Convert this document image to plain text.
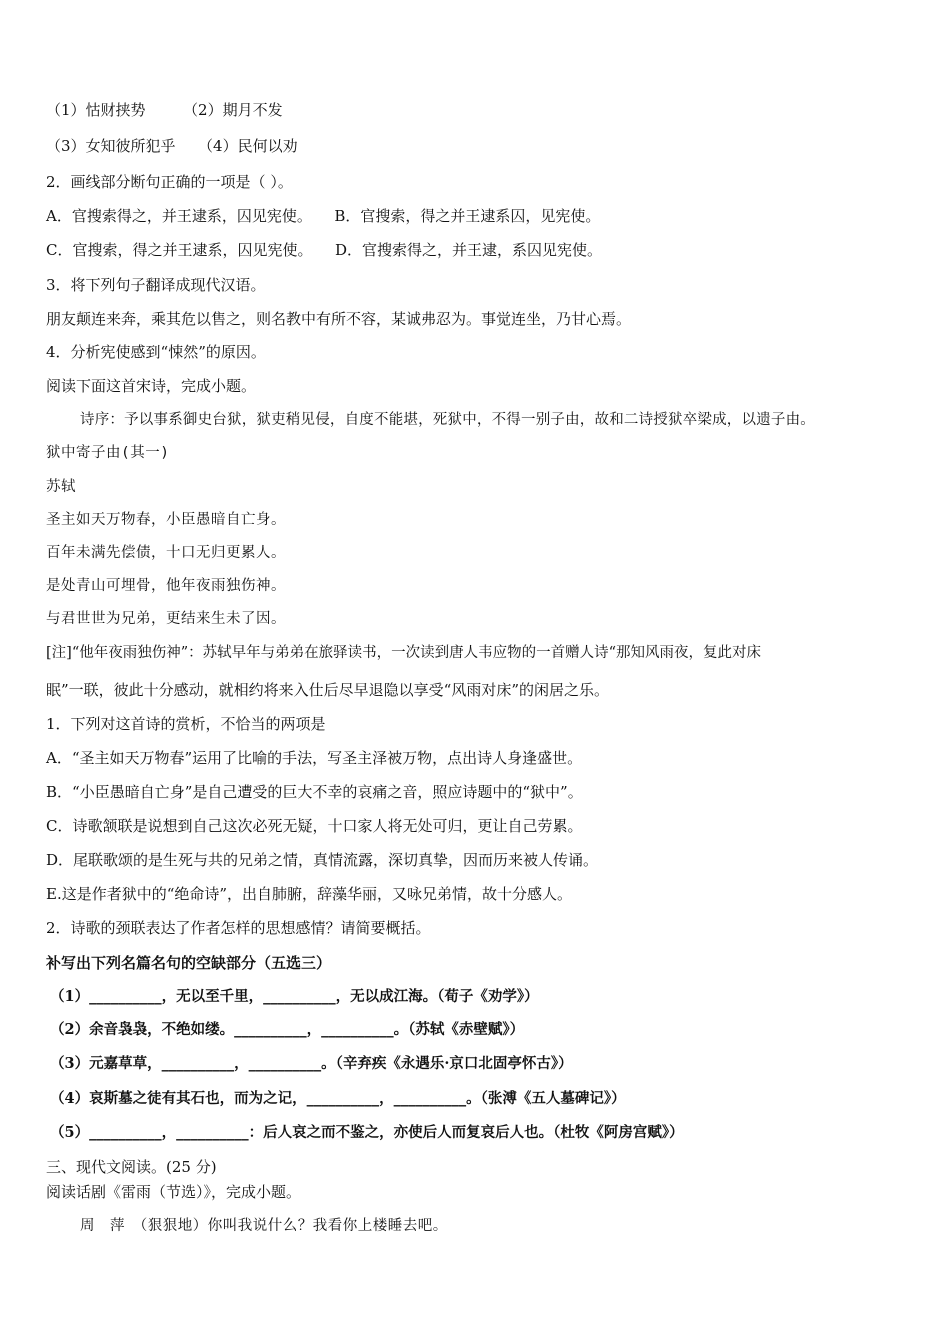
（1）怙财挟势　　　（2）期月不发
（3）女知彼所犯乎　　（4）民何以劝
2．画线部分断句正确的一项是（ ）。
A．官搜索得之，并王逮系，囚见宪使。　　B．官搜索，得之并王逮系囚，见宪使。
C．官搜索，得之并王逮系，囚见宪使。　　D．官搜索得之，并王逮，系囚见宪使。
3．将下列句子翻译成现代汉语。
朋友颠连来奔，乘其危以售之，则名教中有所不容，某诚弗忍为。事觉连坐，乃甘心焉。
4．分析宪使感到“悚然”的原因。
阅读下面这首宋诗，完成小题。
诗序：予以事系御史台狱，狱吏稍见侵，自度不能堪，死狱中，不得一别子由，故和二诗授狱卒梁成，以遗子由。
狱中寄子由(其一)
苏轼
圣主如天万物春，小臣愚暗自亡身。
百年未满先偿债，十口无归更累人。
是处青山可埋骨，他年夜雨独伤神。
与君世世为兄弟，更结来生未了因。
[注]“他年夜雨独伤神”：苏轼早年与弟弟在旅驿读书，一次读到唐人韦应物的一首赠人诗“那知风雨夜，复此对床
眠”一联，彼此十分感动，就相约将来入仕后尽早退隐以享受“风雨对床”的闲居之乐。
1．下列对这首诗的赏析，不恰当的两项是
A．“圣主如天万物春”运用了比喻的手法，写圣主泽被万物，点出诗人身逢盛世。
B．“小臣愚暗自亡身”是自己遭受的巨大不幸的哀痛之音，照应诗题中的“狱中”。
C．诗歌颔联是说想到自己这次必死无疑，十口家人将无处可归，更让自己劳累。
D．尾联歌颂的是生死与共的兄弟之情，真情流露，深切真挚，因而历来被人传诵。
E.这是作者狱中的“绝命诗”，出自肺腑，辞藻华丽，又咏兄弟情，故十分感人。
2．诗歌的颈联表达了作者怎样的思想感情？请简要概括。
补写出下列名篇名句的空缺部分（五选三）
（1）__________，无以至千里，__________，无以成江海。（荀子《劝学》）
（2）余音袅袅，不绝如缕。__________，__________。（苏轼《赤壁赋》）
（3）元嘉草草，__________，__________。（辛弃疾《永遇乐·京口北固亭怀古》）
（4）哀斯墓之徒有其石也，而为之记，__________，__________。（张溥《五人墓碑记》）
（5）__________，__________：后人哀之而不鉴之，亦使后人而复哀后人也。（杜牧《阿房宫赋》）
三、现代文阅读。(25 分)
阅读话剧《雷雨（节选）》，完成小题。
周　萍　（狠狠地）你叫我说什么？我看你上楼睡去吧。
